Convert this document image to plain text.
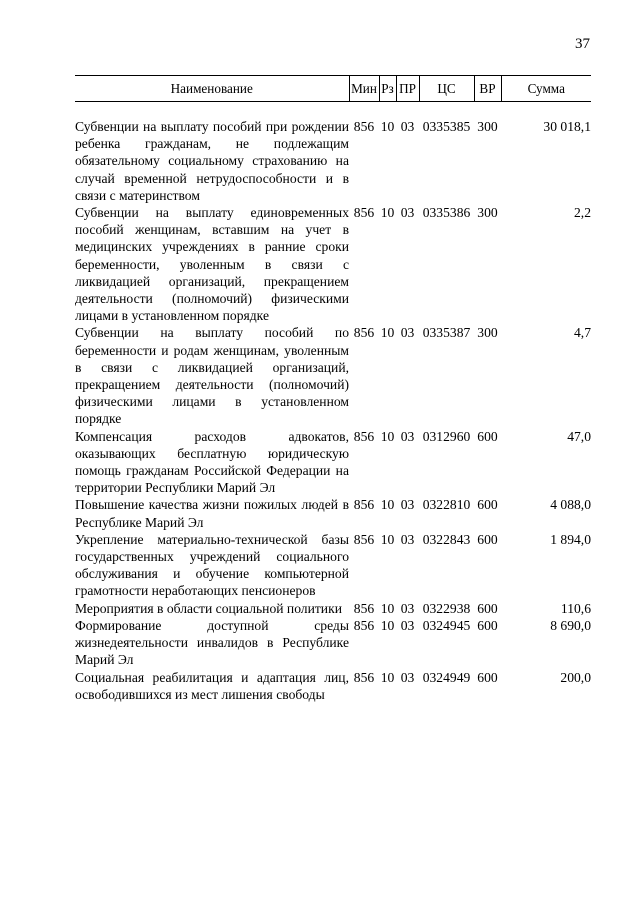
37
Наименование	Мин	Рз	ПР	ЦС	ВР	Сумма

Субвенции на выплату пособий при рождении ребенка гражданам, не подлежащим обязательному социальному страхованию на случай временной нетрудоспособности и в связи с материнством	856	10	03	0335385	300	30 018,1
Субвенции на выплату единовременных пособий женщинам, вставшим на учет в медицинских учреждениях в ранние сроки беременности, уволенным в связи с ликвидацией организаций, прекращением деятельности (полномочий) физическими лицами в установленном порядке	856	10	03	0335386	300	2,2
Субвенции на выплату пособий по беременности и родам женщинам, уволенным в связи с ликвидацией организаций, прекращением деятельности (полномочий) физическими лицами в установленном порядке	856	10	03	0335387	300	4,7
Компенсация расходов адвокатов, оказывающих бесплатную юридическую помощь гражданам Российской Федерации на территории Республики Марий Эл	856	10	03	0312960	600	47,0
Повышение качества жизни пожилых людей в Республике Марий Эл	856	10	03	0322810	600	4 088,0
Укрепление материально-технической базы государственных учреждений социального обслуживания и обучение компьютерной грамотности неработающих пенсионеров	856	10	03	0322843	600	1 894,0
Мероприятия в области социальной политики	856	10	03	0322938	600	110,6
Формирование доступной среды жизнедеятельности инвалидов в Республике Марий Эл	856	10	03	0324945	600	8 690,0
Социальная реабилитация и адаптация лиц, освободившихся из мест лишения свободы	856	10	03	0324949	600	200,0
